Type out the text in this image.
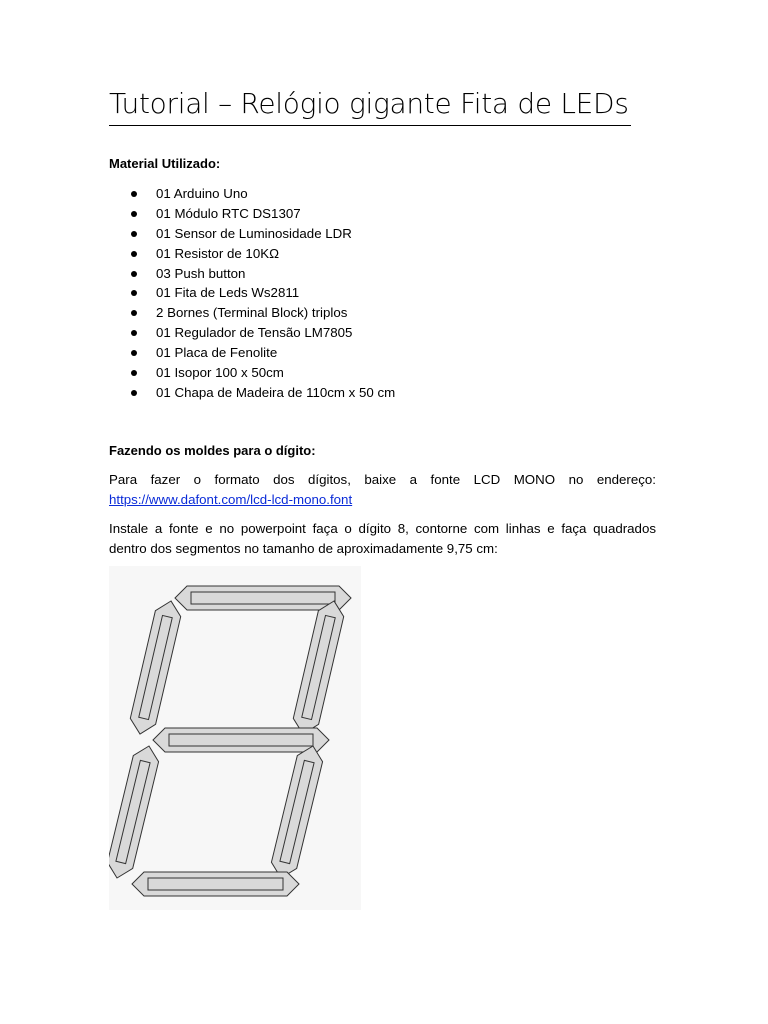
Tutorial – Relógio gigante Fita de LEDs
Material Utilizado:
01 Arduino Uno
01 Módulo RTC DS1307
01 Sensor de Luminosidade LDR
01 Resistor de 10KΩ
03 Push button
01 Fita de Leds Ws2811
2 Bornes (Terminal Block) triplos
01 Regulador de Tensão LM7805
01 Placa de Fenolite
01 Isopor 100 x 50cm
01 Chapa de Madeira de 110cm x 50 cm
Fazendo os moldes para o dígito:

Para fazer o formato dos dígitos, baixe a fonte LCD MONO no endereço:
https://www.dafont.com/lcd-lcd-mono.font

Instale a fonte e no powerpoint faça o dígito 8, contorne com linhas e faça quadrados
dentro dos segmentos no tamanho de aproximadamente 9,75 cm:
